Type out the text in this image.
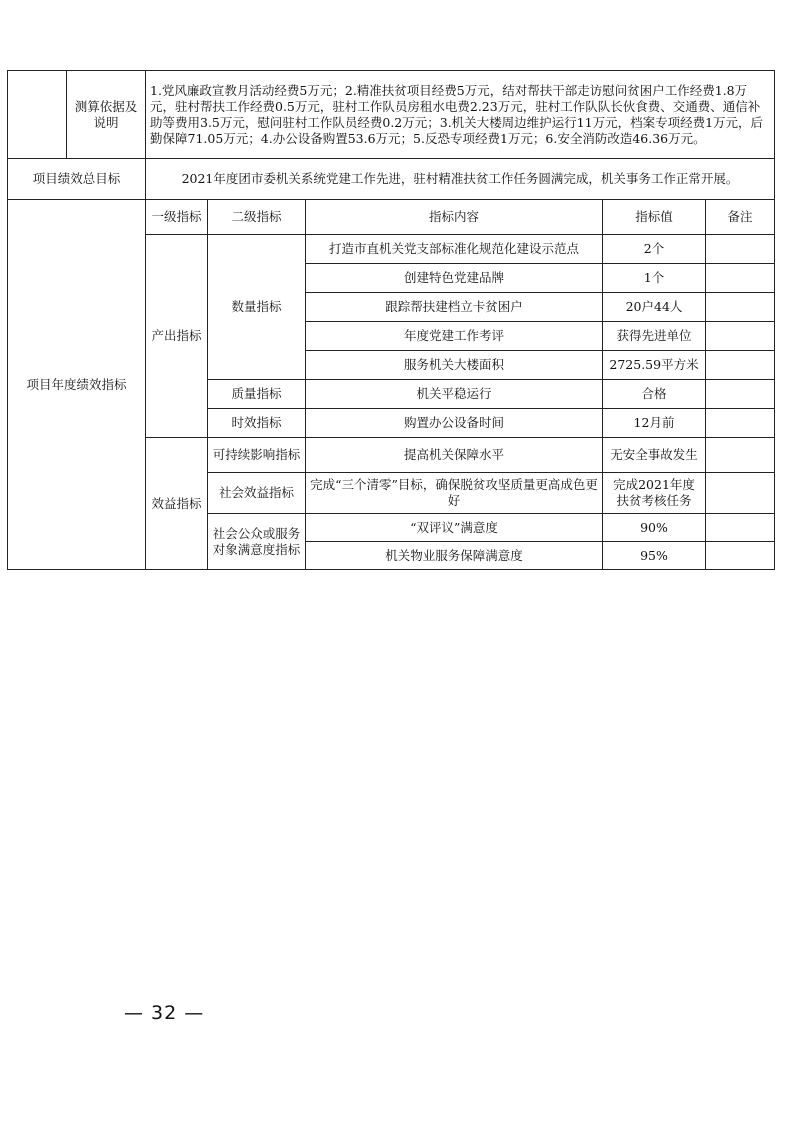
	测算依据及说明	1.党风廉政宣教月活动经费5万元；2.精准扶贫项目经费5万元，结对帮扶干部走访慰问贫困户工作经费1.8万元，驻村帮扶工作经费0.5万元，驻村工作队员房租水电费2.23万元，驻村工作队队长伙食费、交通费、通信补助等费用3.5万元，慰问驻村工作队员经费0.2万元；3.机关大楼周边维护运行11万元，档案专项经费1万元，后勤保障71.05万元；4.办公设备购置53.6万元；5.反恐专项经费1万元；6.安全消防改造46.36万元。				
项目绩效总目标		2021年度团市委机关系统党建工作先进，驻村精准扶贫工作任务圆满完成，机关事务工作正常开展。				
项目年度绩效指标		一级指标	二级指标	指标内容	指标值	备注
		产出指标	数量指标	打造市直机关党支部标准化规范化建设示范点	2个	
				创建特色党建品牌	1个	
				跟踪帮扶建档立卡贫困户	20户44人	
				年度党建工作考评	获得先进单位	
				服务机关大楼面积	2725.59平方米	
			质量指标	机关平稳运行	合格	
			时效指标	购置办公设备时间	12月前	
		效益指标	可持续影响指标	提高机关保障水平	无安全事故发生	
			社会效益指标	完成“三个清零”目标，确保脱贫攻坚质量更高成色更好	完成2021年度扶贫考核任务	
			社会公众或服务对象满意度指标	“双评议”满意度	90%	
				机关物业服务保障满意度	95%	
— 32 —
